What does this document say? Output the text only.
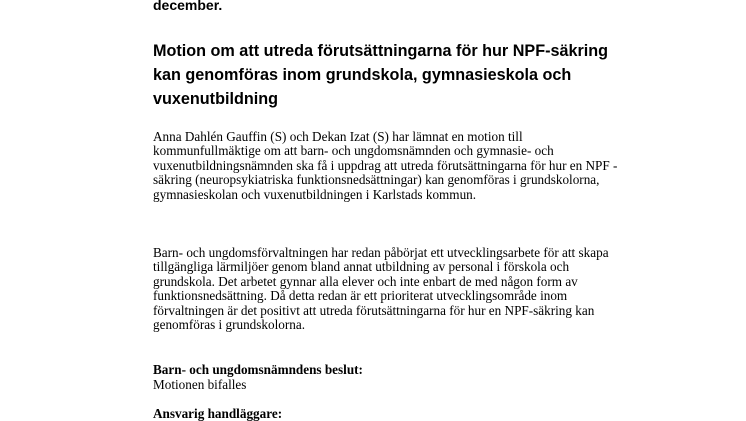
december.

Motion om att utreda förutsättningarna för hur NPF-säkring kan genomföras inom grundskola, gymnasieskola och vuxenutbildning

Anna Dahlén Gauffin (S) och Dekan Izat (S) har lämnat en motion till kommunfullmäktige om att barn- och ungdomsnämnden och gymnasie- och vuxenutbildningsnämnden ska få i uppdrag att utreda förutsättningarna för hur en NPF - säkring (neuropsykiatriska funktionsnedsättningar) kan genomföras i grundskolorna, gymnasieskolan och vuxenutbildningen i Karlstads kommun.

Barn- och ungdomsförvaltningen har redan påbörjat ett utvecklingsarbete för att skapa tillgängliga lärmiljöer genom bland annat utbildning av personal i förskola och grundskola. Det arbetet gynnar alla elever och inte enbart de med någon form av funktionsnedsättning. Då detta redan är ett prioriterat utvecklingsområde inom förvaltningen är det positivt att utreda förutsättningarna för hur en NPF-säkring kan genomföras i grundskolorna.

Barn- och ungdomsnämndens beslut:

Motionen bifalles

Ansvarig handläggare:
